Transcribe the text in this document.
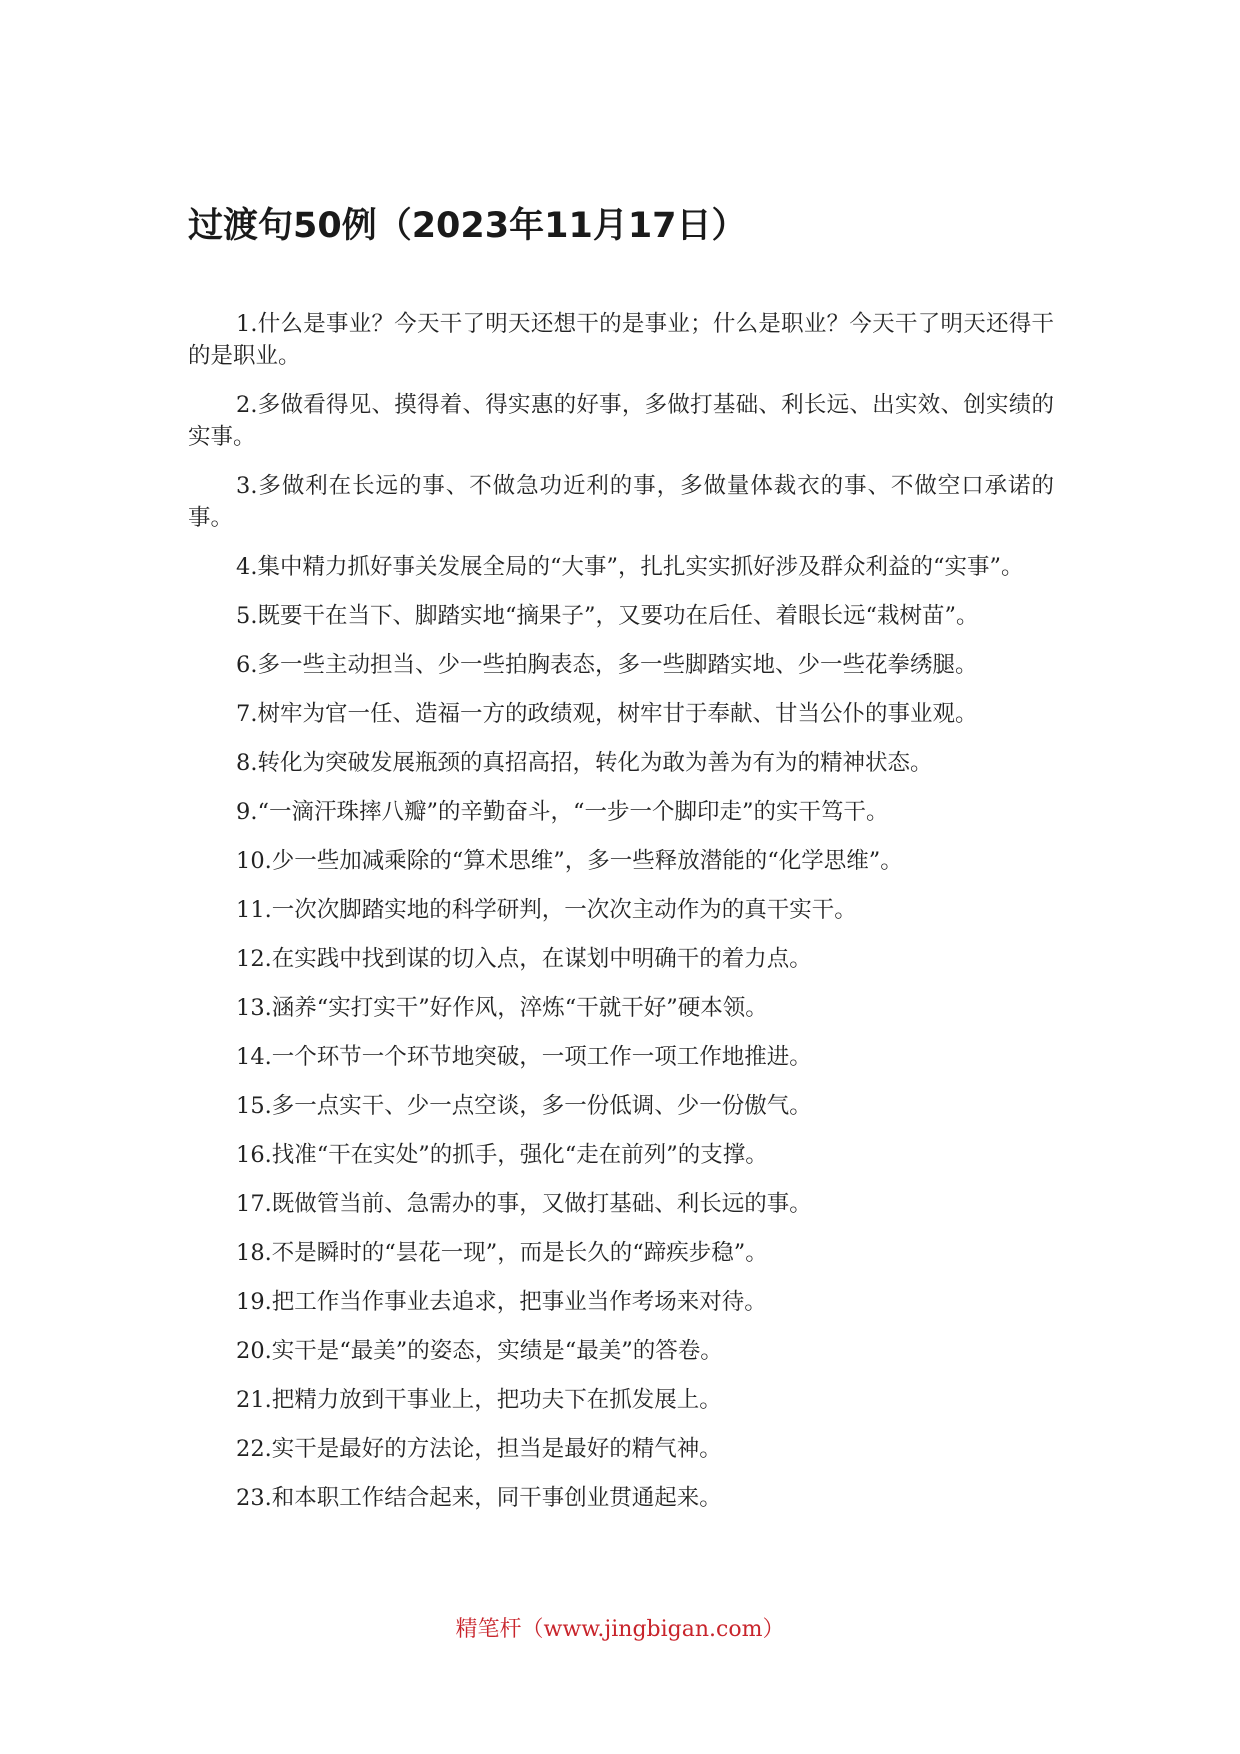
过渡句50例（2023年11月17日）
1.什么是事业？今天干了明天还想干的是事业；什么是职业？今天干了明天还得干的是职业。
2.多做看得见、摸得着、得实惠的好事，多做打基础、利长远、出实效、创实绩的实事。
3.多做利在长远的事、不做急功近利的事，多做量体裁衣的事、不做空口承诺的事。
4.集中精力抓好事关发展全局的“大事”，扎扎实实抓好涉及群众利益的“实事”。
5.既要干在当下、脚踏实地“摘果子”，又要功在后任、着眼长远“栽树苗”。
6.多一些主动担当、少一些拍胸表态，多一些脚踏实地、少一些花拳绣腿。
7.树牢为官一任、造福一方的政绩观，树牢甘于奉献、甘当公仆的事业观。
8.转化为突破发展瓶颈的真招高招，转化为敢为善为有为的精神状态。
9.“一滴汗珠摔八瓣”的辛勤奋斗，“一步一个脚印走”的实干笃干。
10.少一些加减乘除的“算术思维”，多一些释放潜能的“化学思维”。
11.一次次脚踏实地的科学研判，一次次主动作为的真干实干。
12.在实践中找到谋的切入点，在谋划中明确干的着力点。
13.涵养“实打实干”好作风，淬炼“干就干好”硬本领。
14.一个环节一个环节地突破，一项工作一项工作地推进。
15.多一点实干、少一点空谈，多一份低调、少一份傲气。
16.找准“干在实处”的抓手，强化“走在前列”的支撑。
17.既做管当前、急需办的事，又做打基础、利长远的事。
18.不是瞬时的“昙花一现”，而是长久的“蹄疾步稳”。
19.把工作当作事业去追求，把事业当作考场来对待。
20.实干是“最美”的姿态，实绩是“最美”的答卷。
21.把精力放到干事业上，把功夫下在抓发展上。
22.实干是最好的方法论，担当是最好的精气神。
23.和本职工作结合起来，同干事创业贯通起来。

精笔杆（www.jingbigan.com）
